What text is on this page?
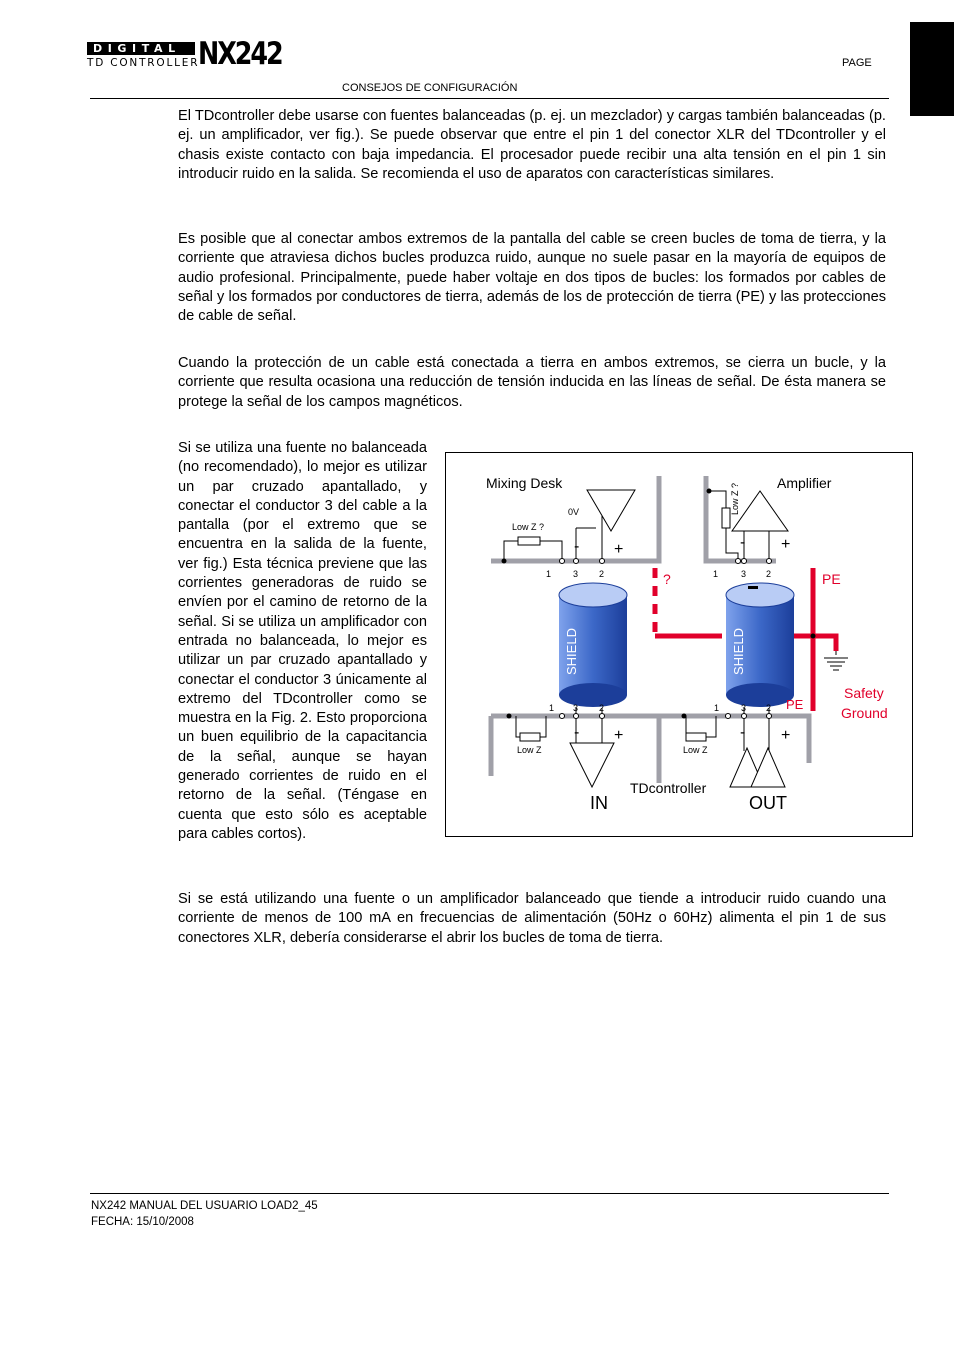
DIGITAL
TD CONTROLLER
NX242	PAGE
CONSEJOS DE CONFIGURACIÓN

El TDcontroller debe usarse con fuentes balanceadas (p. ej. un mezclador) y cargas también balanceadas (p. ej. un amplificador, ver fig.). Se puede observar que entre el pin 1 del conector XLR del TDcontroller y el chasis existe contacto con baja impedancia. El procesador puede recibir una alta tensión en el pin 1 sin introducir ruido en la salida. Se recomienda el uso de aparatos con características similares.

Es posible que al conectar ambos extremos de la pantalla del cable se creen bucles de toma de tierra, y la corriente que atraviesa dichos bucles produzca ruido, aunque no suele pasar en la mayoría de equipos de audio profesional. Principalmente, puede haber voltaje en dos tipos de bucles: los formados por cables de señal y los formados por conductores de tierra, además de los de protección de tierra (PE) y las protecciones de cable de señal.

Cuando la protección de un cable está conectada a tierra en ambos extremos, se cierra un bucle, y la corriente que resulta ocasiona una reducción de tensión inducida en las líneas de señal. De ésta manera se protege la señal de los campos magnéticos.

Si se utiliza una fuente no balanceada (no recomendado), lo mejor es utilizar un par cruzado apantallado, y conectar el conductor 3 del cable a la pantalla (por el extremo que se encuentra en la salida de la fuente, ver fig.) Esta técnica previene que las corrientes generadoras de ruido se envíen por el camino de retorno de la señal. Si se utiliza un amplificador con entrada no balanceada, lo mejor es utilizar un par cruzado apantallado y conectar el conductor 3 únicamente al extremo del TDcontroller como se muestra en la Fig. 2. Esto proporciona un buen equilibrio de la capacitancia de la señal, aunque se hayan generado corrientes de ruido en el retorno de la señal. (Téngase en cuenta que esto sólo es aceptable para cables cortos).

Mixing Desk	Amplifier
0V
Low Z ?
Low Z ?
Low Z	Low Z
- +	- +
- +	- +
1 3 2	1	3 2
1 3 2	1 3 2
SHIELD	SHIELD
?	PE
PE
Safety
Ground
TDcontroller
IN	OUT

Si se está utilizando una fuente o un amplificador balanceado que tiende a introducir ruido cuando una corriente de menos de 100 mA en frecuencias de alimentación (50Hz o 60Hz) alimenta el pin 1 de sus conectores XLR, debería considerarse el abrir los bucles de toma de tierra.

NX242 MANUAL DEL USUARIO LOAD2_45
FECHA: 15/10/2008
